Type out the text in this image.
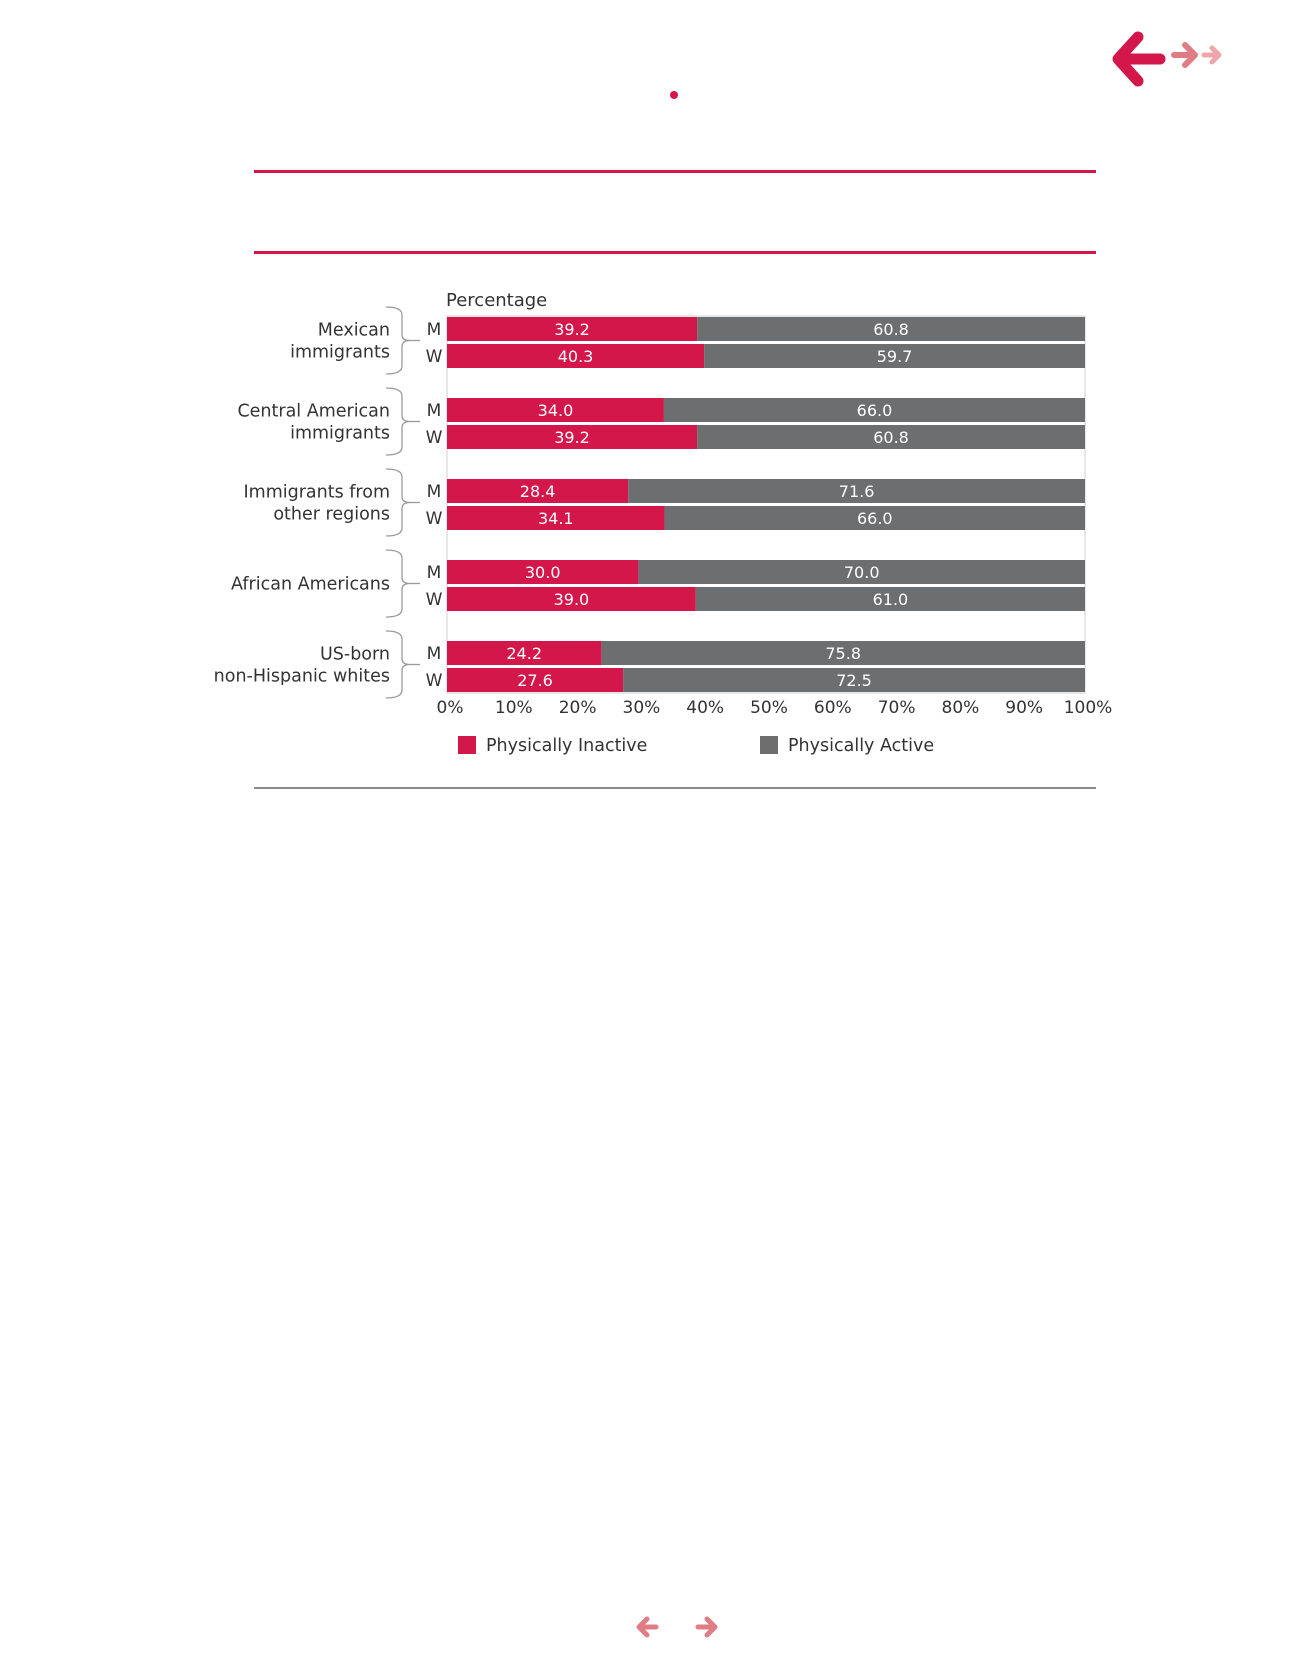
Percentage
39.2	60.8
M
40.3	59.7
W
Mexican
immigrants
34.0	66.0
M
39.2	60.8
W
Central American
immigrants
28.4	71.6
M
34.1	66.0
W
Immigrants from
other regions
30.0	70.0
M
39.0	61.0
W
African Americans
24.2	75.8
M
27.6	72.5
W
US-born
non-Hispanic whites
0% 10% 20% 30% 40% 50% 60% 70% 80% 90% 100%
Physically Inactive	Physically Active
